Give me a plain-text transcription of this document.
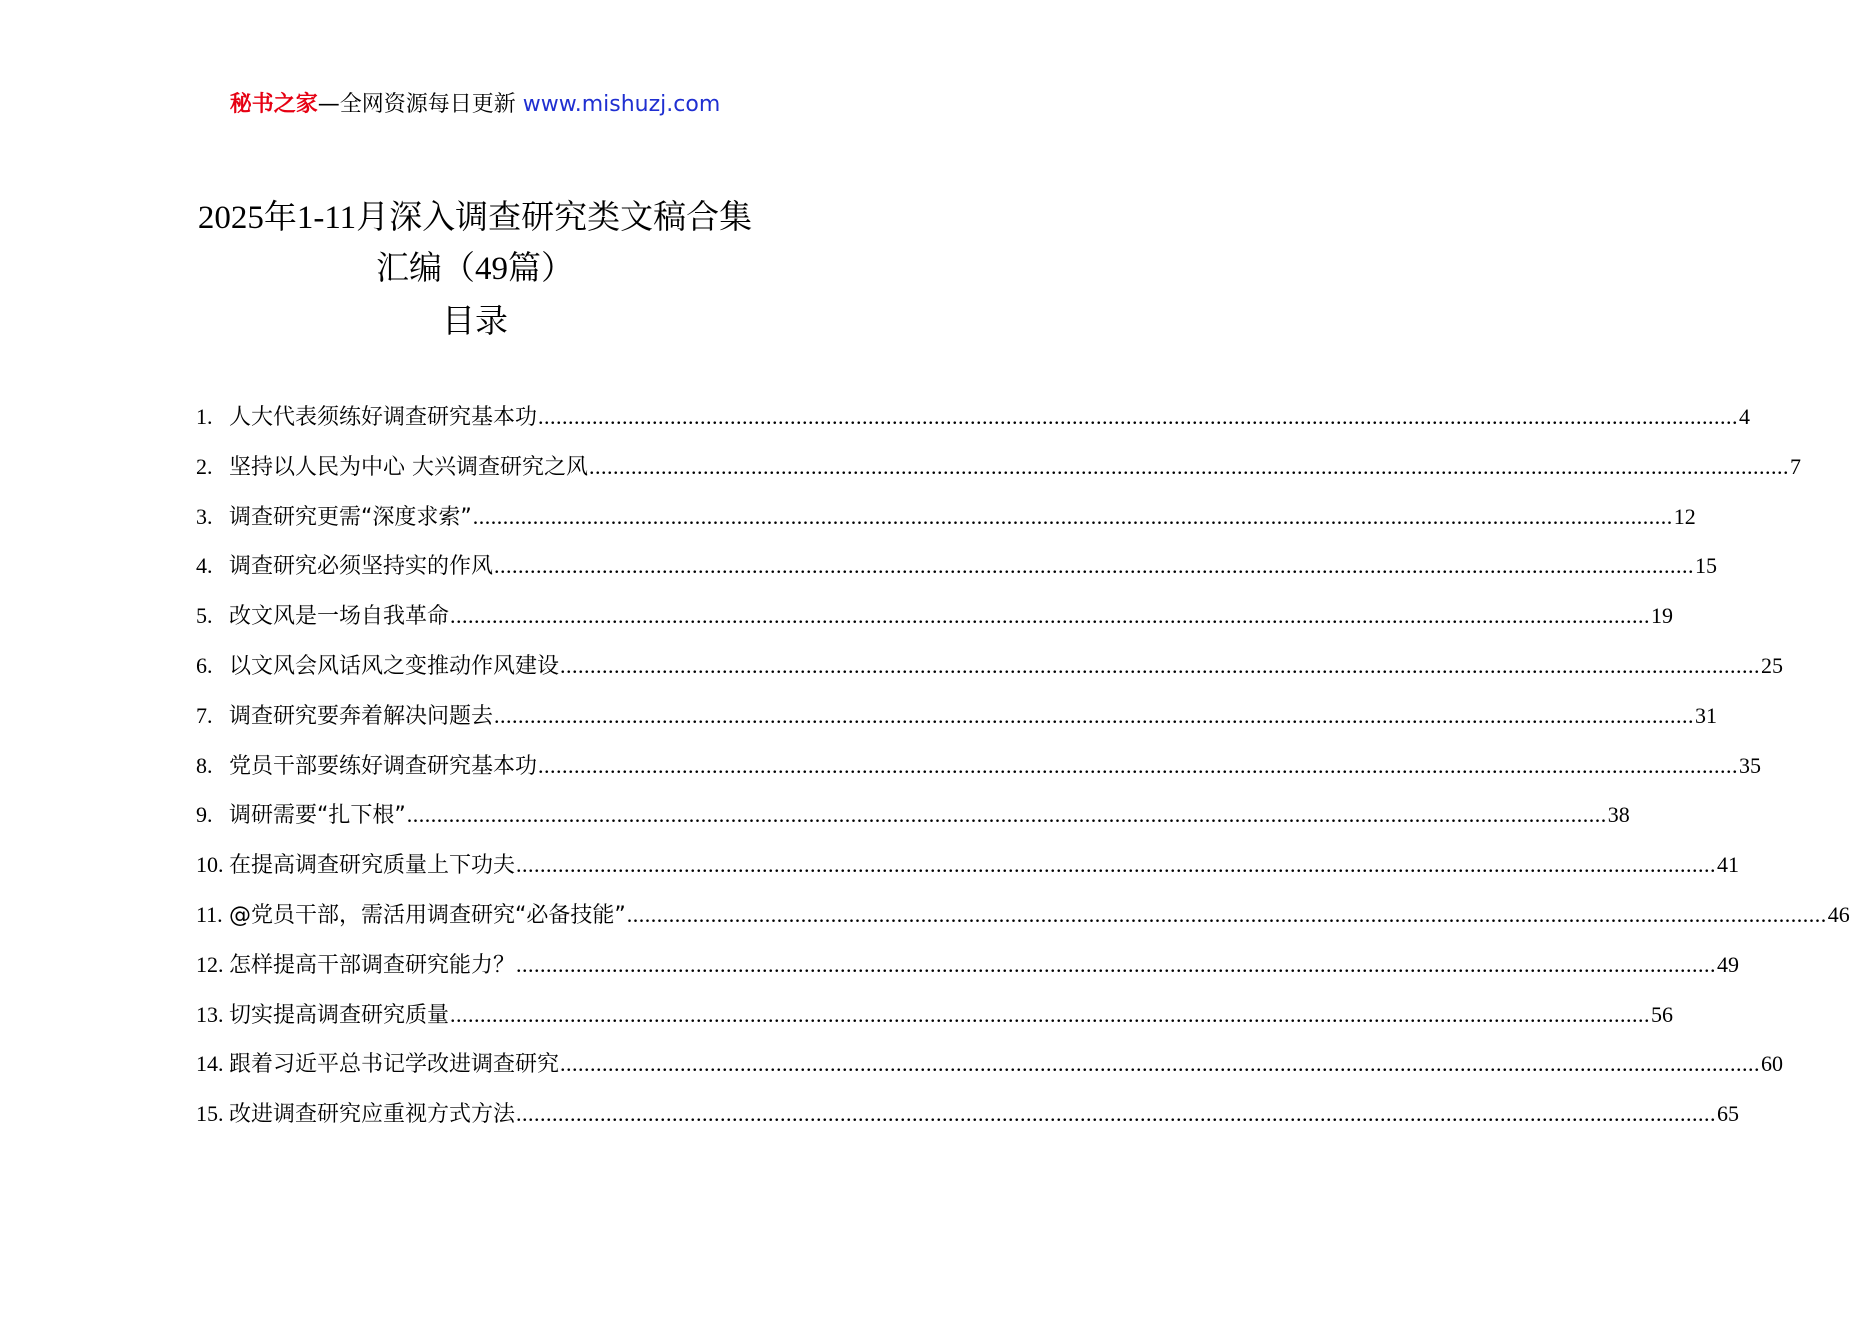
秘书之家—全网资源每日更新 www.mishuzj.com
2025年1-11月深入调查研究类文稿合集
汇编（49篇）
目录
1. 人大代表须练好调查研究基本功 ........................................................................................................................................................................................................ 4
2. 坚持以人民为中心 大兴调查研究之风 ........................................................................................................................................................................................................ 7
3. 调查研究更需“深度求索” ........................................................................................................................................................................................................ 12
4. 调查研究必须坚持实的作风 ........................................................................................................................................................................................................ 15
5. 改文风是一场自我革命 ........................................................................................................................................................................................................ 19
6. 以文风会风话风之变推动作风建设 ........................................................................................................................................................................................................ 25
7. 调查研究要奔着解决问题去 ........................................................................................................................................................................................................ 31
8. 党员干部要练好调查研究基本功 ........................................................................................................................................................................................................ 35
9. 调研需要“扎下根” ........................................................................................................................................................................................................ 38
10. 在提高调查研究质量上下功夫 ........................................................................................................................................................................................................ 41
11. @党员干部，需活用调查研究“必备技能” ........................................................................................................................................................................................................ 46
12. 怎样提高干部调查研究能力？ ........................................................................................................................................................................................................ 49
13. 切实提高调查研究质量 ........................................................................................................................................................................................................ 56
14. 跟着习近平总书记学改进调查研究 ........................................................................................................................................................................................................ 60
15. 改进调查研究应重视方式方法 ........................................................................................................................................................................................................ 65
